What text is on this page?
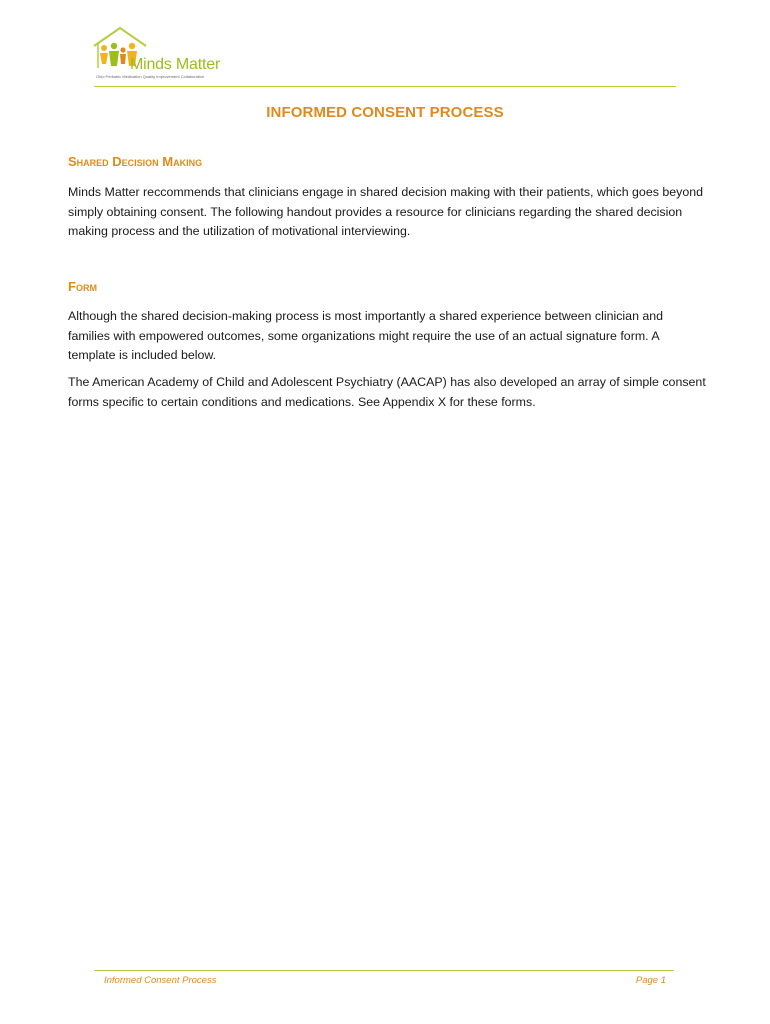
Minds Matter
Ohio Pediatric Medication Quality Improvement Collaborative
INFORMED CONSENT PROCESS
Shared Decision Making
Minds Matter reccommends that clinicians engage in shared decision making with their patients, which goes beyond simply obtaining consent. The following handout provides a resource for clinicians regarding the shared decision making process and the utilization of motivational interviewing.
Form
Although the shared decision-making process is most importantly a shared experience between clinician and families with empowered outcomes, some organizations might require the use of an actual signature form. A template is included below.
The American Academy of Child and Adolescent Psychiatry (AACAP) has also developed an array of simple consent forms specific to certain conditions and medications. See Appendix X for these forms.
Informed Consent Process	Page 1
